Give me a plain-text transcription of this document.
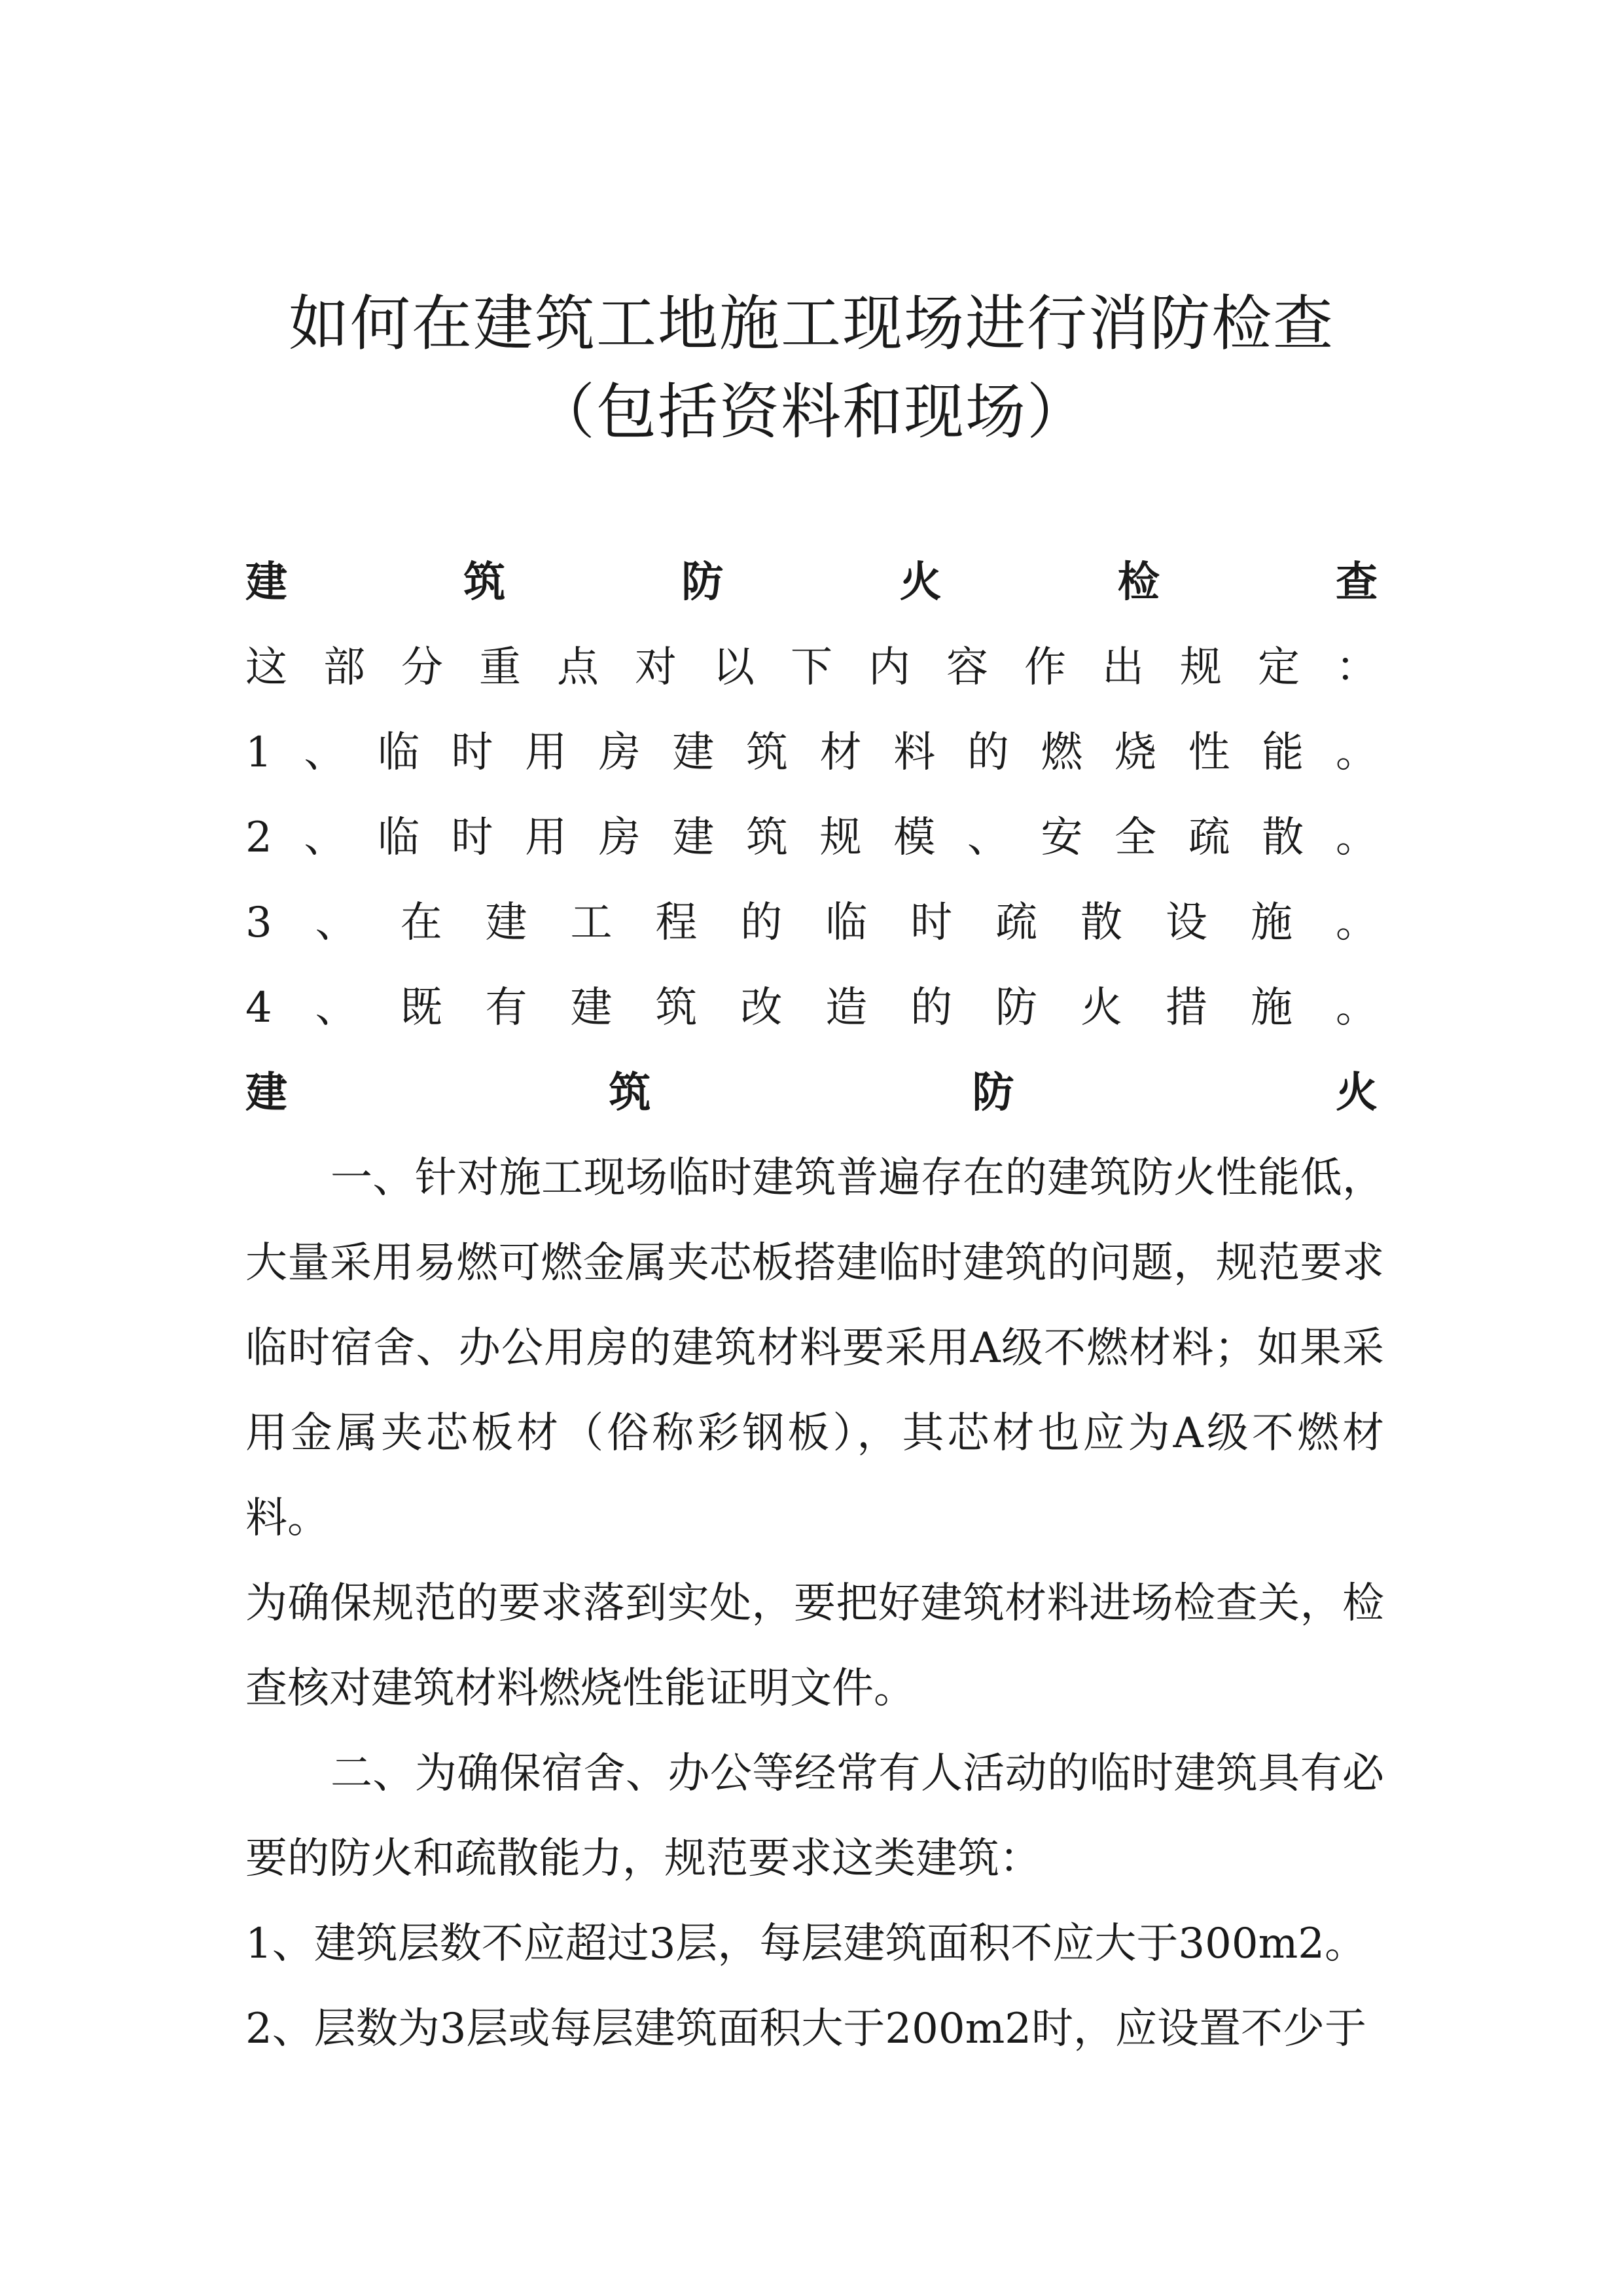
如何在建筑工地施工现场进行消防检查
（包括资料和现场）
建	筑	防	火	检	查
这 部 分 重 点 对 以 下 内 容 作 出 规 定 ：
1 、 临 时 用 房 建 筑 材 料 的 燃 烧 性 能 。
2 、 临 时 用 房 建 筑 规 模 、 安 全 疏 散 。
3 、 在 建 工 程 的 临 时 疏 散 设 施 。
4 、 既 有 建 筑 改 造 的 防 火 措 施 。
建	筑	防	火
一、针对施工现场临时建筑普遍存在的建筑防火性能低，大量采用易燃可燃金属夹芯板搭建临时建筑的问题，规范要求临时宿舍、办公用房的建筑材料要采用A级不燃材料；如果采用金属夹芯板材（俗称彩钢板），其芯材也应为A级不燃材料。
为确保规范的要求落到实处，要把好建筑材料进场检查关，检查核对建筑材料燃烧性能证明文件。
二、为确保宿舍、办公等经常有人活动的临时建筑具有必要的防火和疏散能力，规范要求这类建筑：
1、建筑层数不应超过3层，每层建筑面积不应大于300m2。
2、层数为3层或每层建筑面积大于200m2时，应设置不少于
